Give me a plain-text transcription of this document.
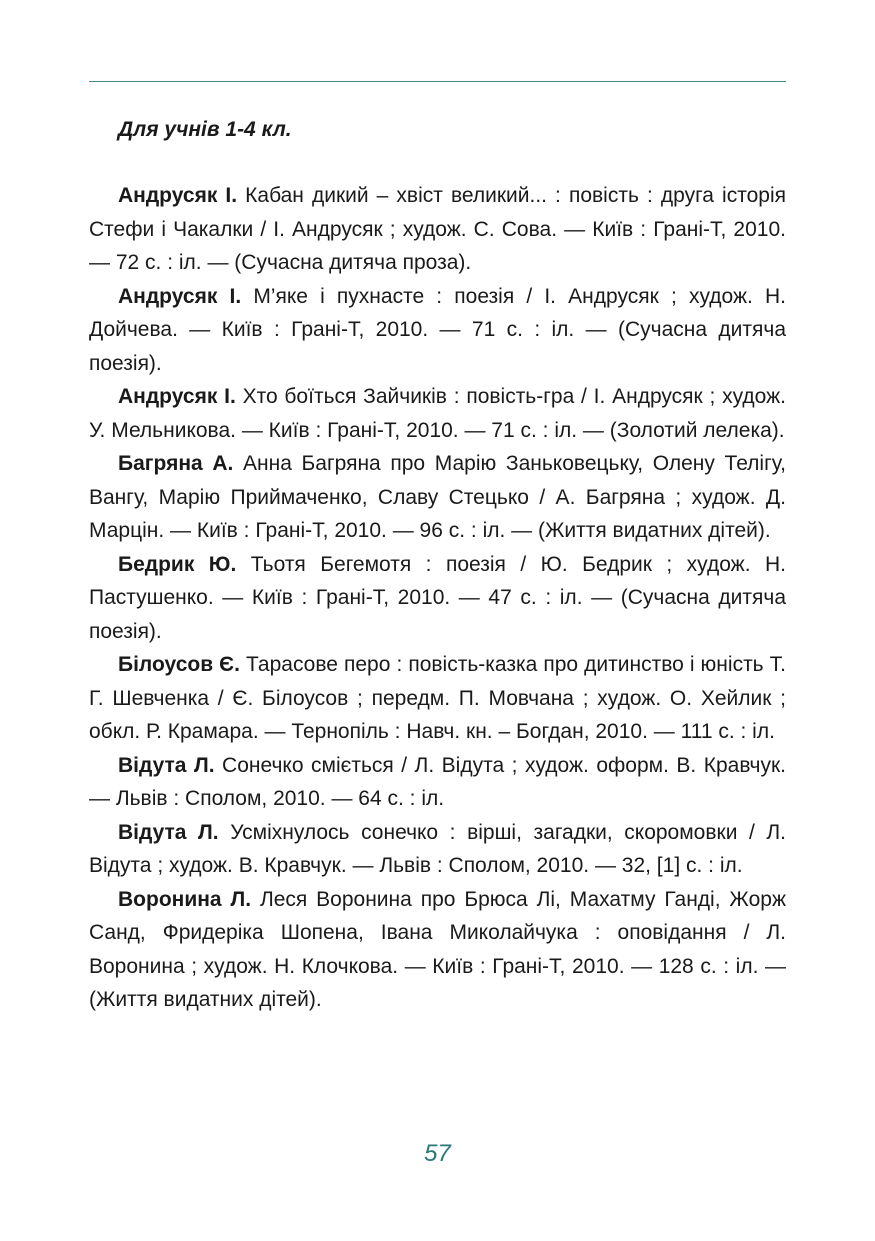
Для учнів 1-4 кл.

Андрусяк І. Кабан дикий – хвіст великий... : повість : друга історія Стефи і Чакалки / І. Андрусяк ; худож. С. Сова. — Київ : Грані-Т, 2010. — 72 с. : іл. — (Сучасна дитяча проза).

Андрусяк І. М’яке і пухнасте : поезія / І. Андрусяк ; худож. Н. Дойчева. — Київ : Грані-Т, 2010. — 71 с. : іл. — (Сучасна дитяча поезія).

Андрусяк І. Хто боїться Зайчиків : повість-гра / І. Андрусяк ; худож. У. Мельникова. — Київ : Грані-Т, 2010. — 71 с. : іл. — (Золотий лелека).

Багряна А. Анна Багряна про Марію Заньковецьку, Олену Телігу, Вангу, Марію Приймаченко, Славу Стецько / А. Багряна ; худож. Д. Марцін. — Київ : Грані-Т, 2010. — 96 с. : іл. — (Життя видатних дітей).

Бедрик Ю. Тьотя Бегемотя : поезія / Ю. Бедрик ; худож. Н. Пастушенко. — Київ : Грані-Т, 2010. — 47 с. : іл. — (Сучасна дитяча поезія).

Білоусов Є. Тарасове перо : повість-казка про дитинство і юність Т. Г. Шевченка / Є. Білоусов ; передм. П. Мовчана ; худож. О. Хейлик ; обкл. Р. Крамара. — Тернопіль : Навч. кн. – Богдан, 2010. — 111 с. : іл.

Відута Л. Сонечко сміється / Л. Відута ; худож. оформ. В. Кравчук. — Львів : Сполом, 2010. — 64 с. : іл.

Відута Л. Усміхнулось сонечко : вірші, загадки, скоромовки / Л. Відута ; худож. В. Кравчук. — Львів : Сполом, 2010. — 32, [1] с. : іл.

Воронина Л. Леся Воронина про Брюса Лі, Махатму Ганді, Жорж Санд, Фридеріка Шопена, Івана Миколайчука : оповідання / Л. Воронина ; худож. Н. Клочкова. — Київ : Грані-Т, 2010. — 128 с. : іл. — (Життя видатних дітей).

57
